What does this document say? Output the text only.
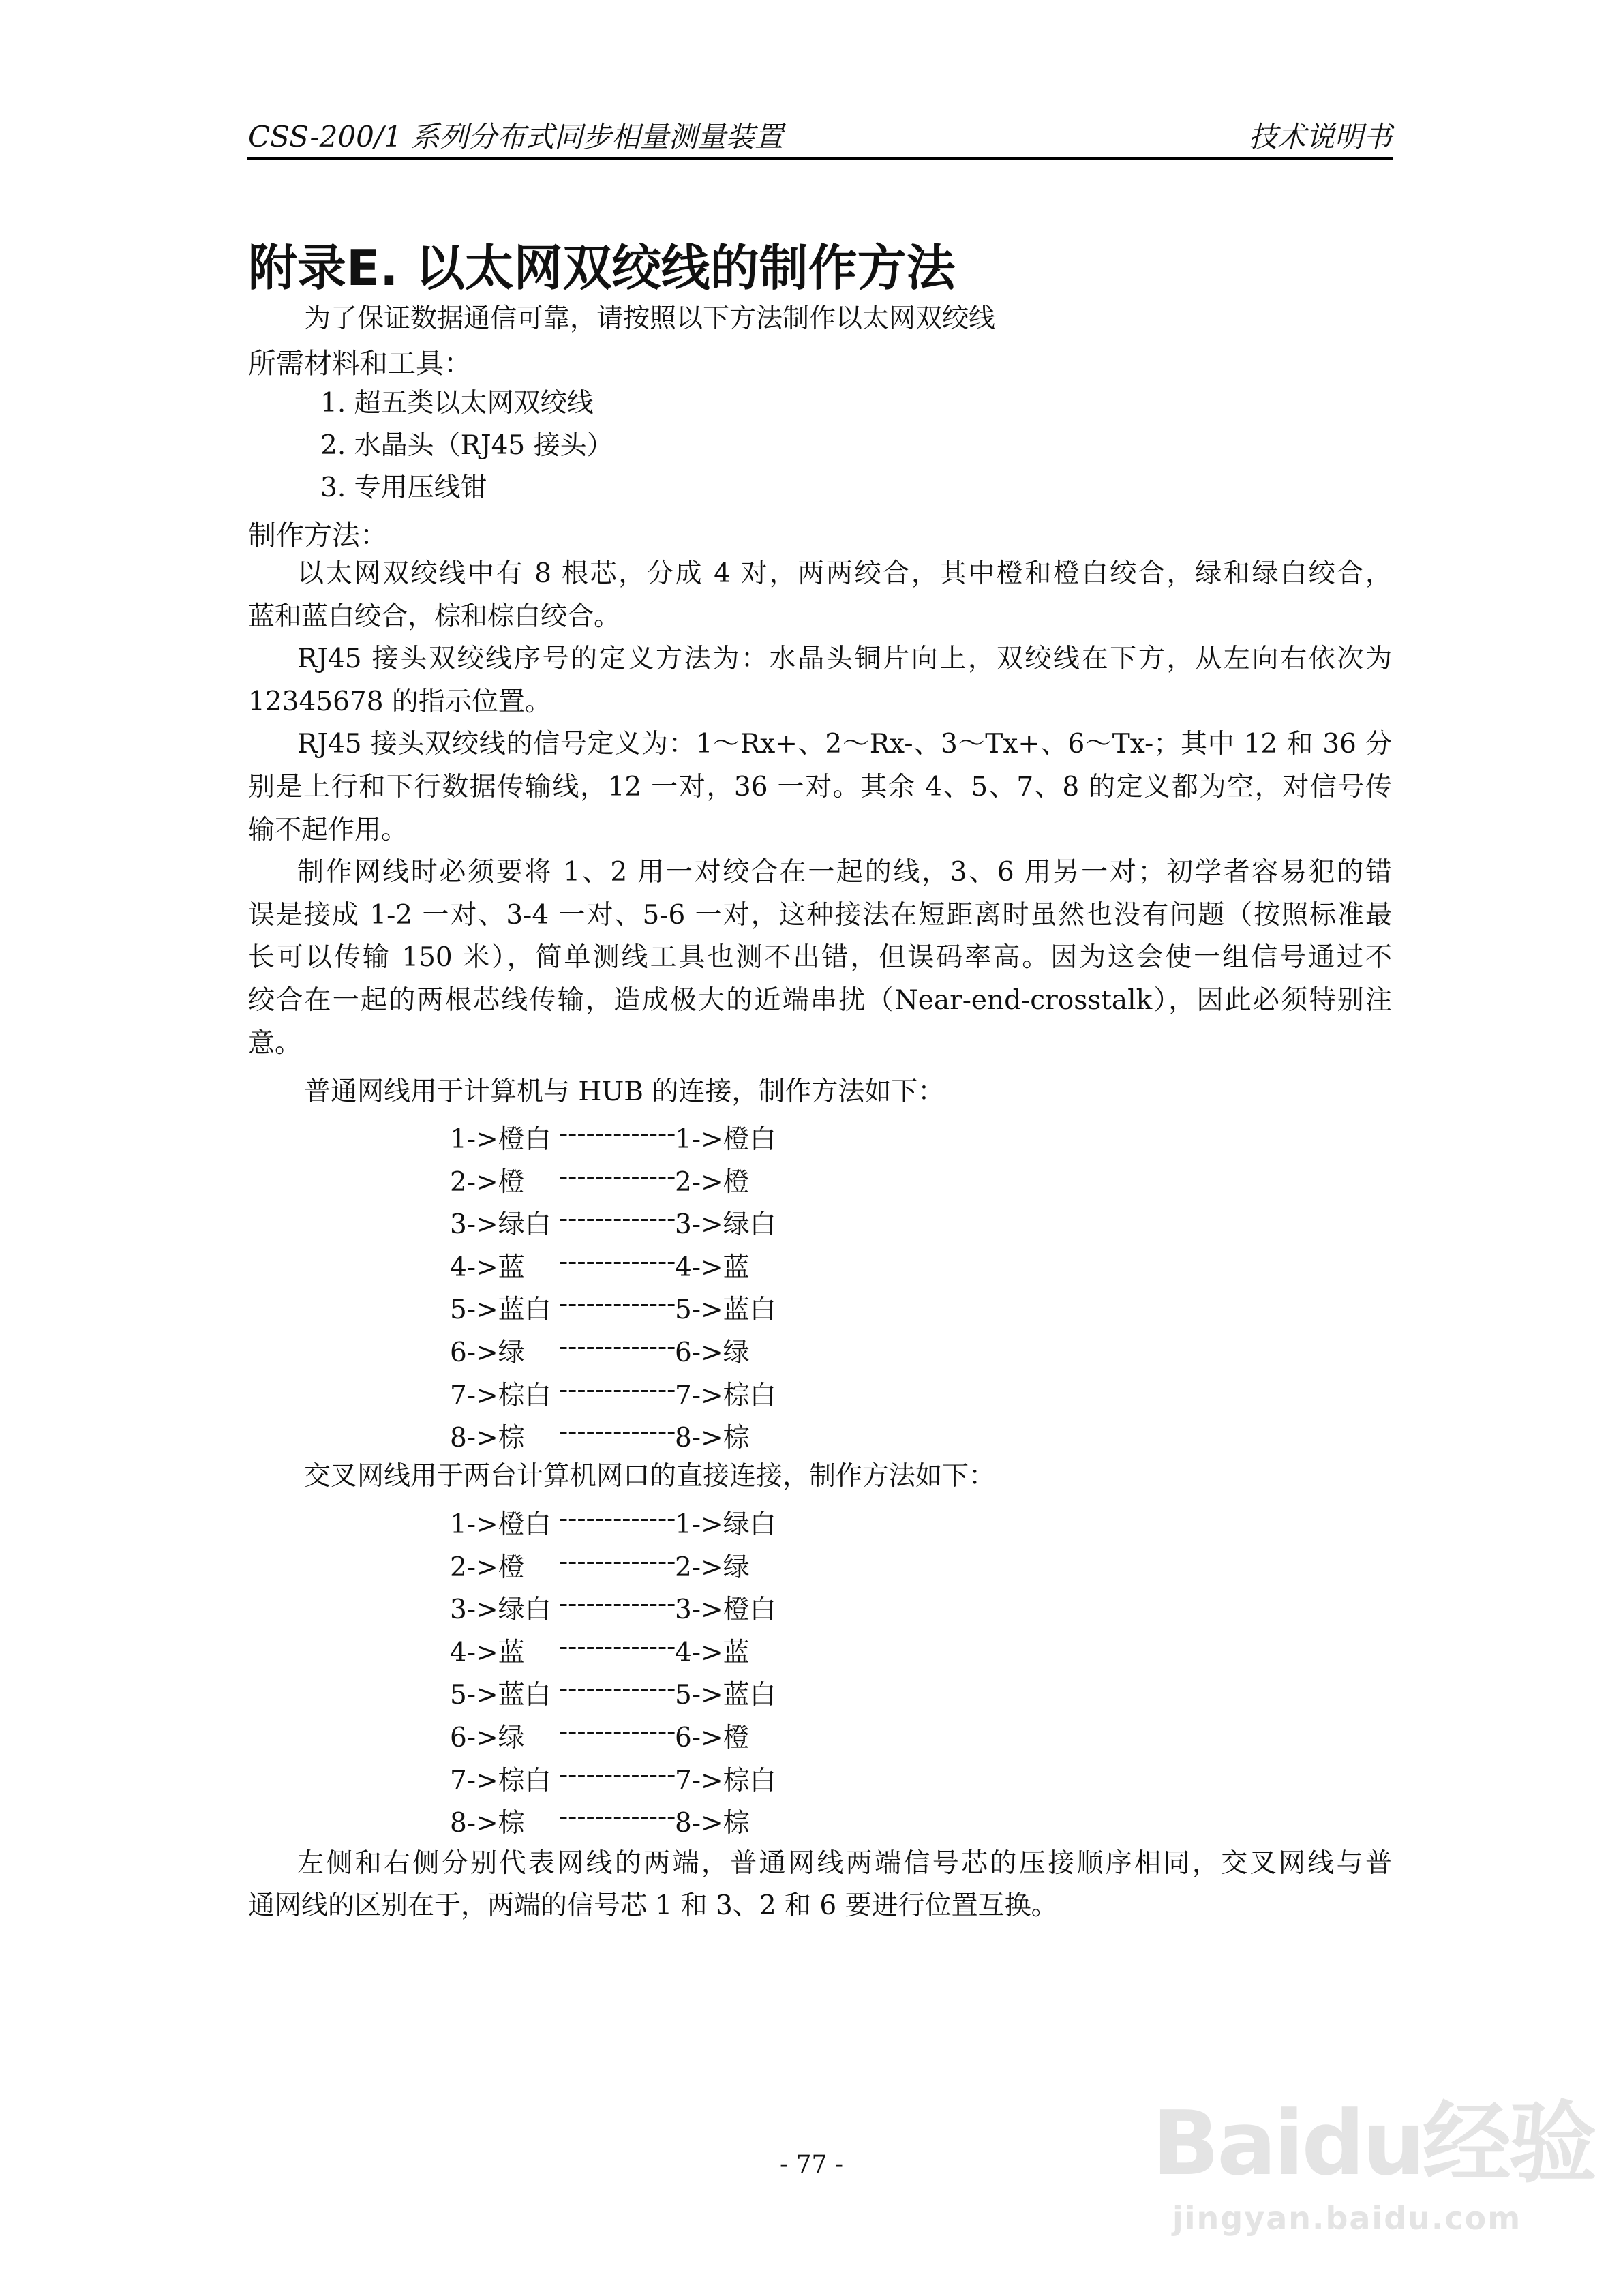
CSS-200/1 系列分布式同步相量测量装置	技术说明书
附录E. 以太网双绞线的制作方法
为了保证数据通信可靠，请按照以下方法制作以太网双绞线
所需材料和工具：
1. 超五类以太网双绞线
2. 水晶头（RJ45 接头）
3. 专用压线钳
制作方法：
以太网双绞线中有 8 根芯，分成 4 对，两两绞合，其中橙和橙白绞合，绿和绿白绞合，
蓝和蓝白绞合，棕和棕白绞合。
RJ45 接头双绞线序号的定义方法为：水晶头铜片向上，双绞线在下方，从左向右依次为
12345678 的指示位置。
RJ45 接头双绞线的信号定义为：1～Rx+、2～Rx-、3～Tx+、6～Tx-；其中 12 和 36 分
别是上行和下行数据传输线，12 一对，36 一对。其余 4、5、7、8 的定义都为空，对信号传
输不起作用。
制作网线时必须要将 1、2 用一对绞合在一起的线，3、6 用另一对；初学者容易犯的错
误是接成 1-2 一对、3-4 一对、5-6 一对，这种接法在短距离时虽然也没有问题（按照标准最
长可以传输 150 米），简单测线工具也测不出错，但误码率高。因为这会使一组信号通过不
绞合在一起的两根芯线传输，造成极大的近端串扰（Near-end-crosstalk），因此必须特别注
意。
普通网线用于计算机与 HUB 的连接，制作方法如下：
1->橙白 -------------
1->橙白
2->橙 -------------
2->橙
3->绿白 -------------
3->绿白
4->蓝 -------------
4->蓝
5->蓝白 -------------
5->蓝白
6->绿 -------------
6->绿
7->棕白 -------------
7->棕白
8->棕 -------------
8->棕
交叉网线用于两台计算机网口的直接连接，制作方法如下：
1->橙白 -------------
1->绿白
2->橙 -------------
2->绿
3->绿白 -------------
3->橙白
4->蓝 -------------
4->蓝
5->蓝白 -------------
5->蓝白
6->绿 -------------
6->橙
7->棕白 -------------
7->棕白
8->棕 -------------
8->棕
左侧和右侧分别代表网线的两端，普通网线两端信号芯的压接顺序相同，交叉网线与普
通网线的区别在于，两端的信号芯 1 和 3、2 和 6 要进行位置互换。
- 77 -	Baidu经验
jingyan.baidu.com
